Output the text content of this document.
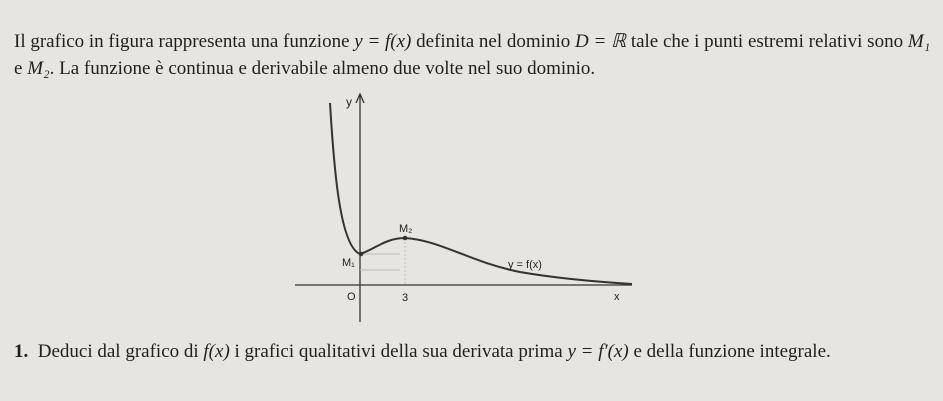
Il grafico in figura rappresenta una funzione y = f(x) definita nel dominio D = ℝ tale che i punti estremi relativi sono M₁ e M₂. La funzione è continua e derivabile almeno due volte nel suo dominio.
y
x
O	3
M₁
M₂
y = f(x)
1. Deduci dal grafico di f(x) i grafici qualitativi della sua derivata prima y = f′(x) e della funzione integrale.
